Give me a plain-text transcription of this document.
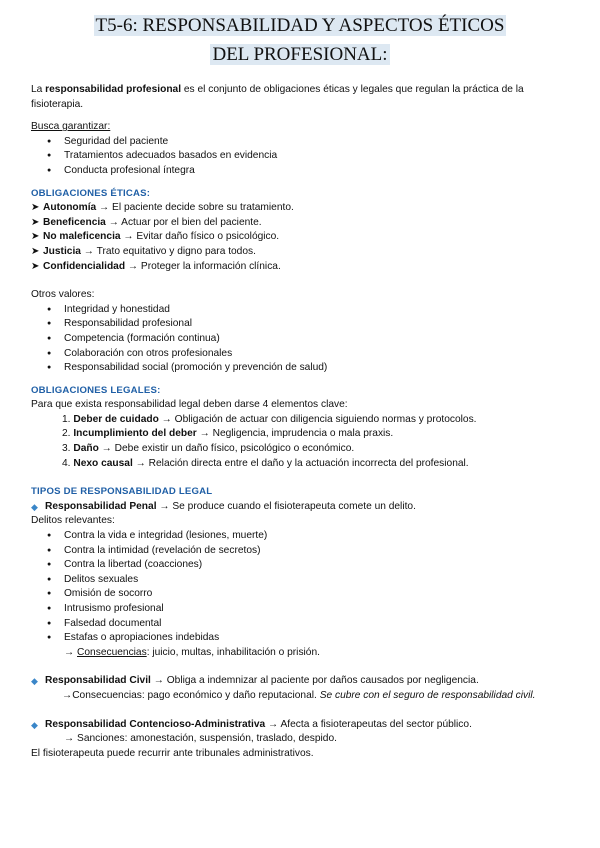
T5-6: RESPONSABILIDAD Y ASPECTOS ÉTICOS
DEL PROFESIONAL:

La responsabilidad profesional es el conjunto de obligaciones éticas y legales que regulan la práctica de la fisioterapia.

Busca garantizar:

● Seguridad del paciente
● Tratamientos adecuados basados en evidencia
● Conducta profesional íntegra

OBLIGACIONES ÉTICAS:

➤ Autonomía → El paciente decide sobre su tratamiento.
➤ Beneficencia → Actuar por el bien del paciente.
➤ No maleficencia → Evitar daño físico o psicológico.
➤ Justicia → Trato equitativo y digno para todos.
➤ Confidencialidad → Proteger la información clínica.

Otros valores:

● Integridad y honestidad
● Responsabilidad profesional
● Competencia (formación continua)
● Colaboración con otros profesionales
● Responsabilidad social (promoción y prevención de salud)

OBLIGACIONES LEGALES:

Para que exista responsabilidad legal deben darse 4 elementos clave:

1. Deber de cuidado → Obligación de actuar con diligencia siguiendo normas y protocolos.
2. Incumplimiento del deber → Negligencia, imprudencia o mala praxis.
3. Daño → Debe existir un daño físico, psicológico o económico.
4. Nexo causal → Relación directa entre el daño y la actuación incorrecta del profesional.

TIPOS DE RESPONSABILIDAD LEGAL

◆ Responsabilidad Penal → Se produce cuando el fisioterapeuta comete un delito.

Delitos relevantes:

● Contra la vida e integridad (lesiones, muerte)
● Contra la intimidad (revelación de secretos)
● Contra la libertad (coacciones)
● Delitos sexuales
● Omisión de socorro
● Intrusismo profesional
● Falsedad documental
● Estafas o apropiaciones indebidas

→ Consecuencias: juicio, multas, inhabilitación o prisión.

◆ Responsabilidad Civil → Obliga a indemnizar al paciente por daños causados por negligencia.

→Consecuencias: pago económico y daño reputacional. Se cubre con el seguro de responsabilidad civil.

◆ Responsabilidad Contencioso-Administrativa → Afecta a fisioterapeutas del sector público.

→ Sanciones: amonestación, suspensión, traslado, despido.

El fisioterapeuta puede recurrir ante tribunales administrativos.
